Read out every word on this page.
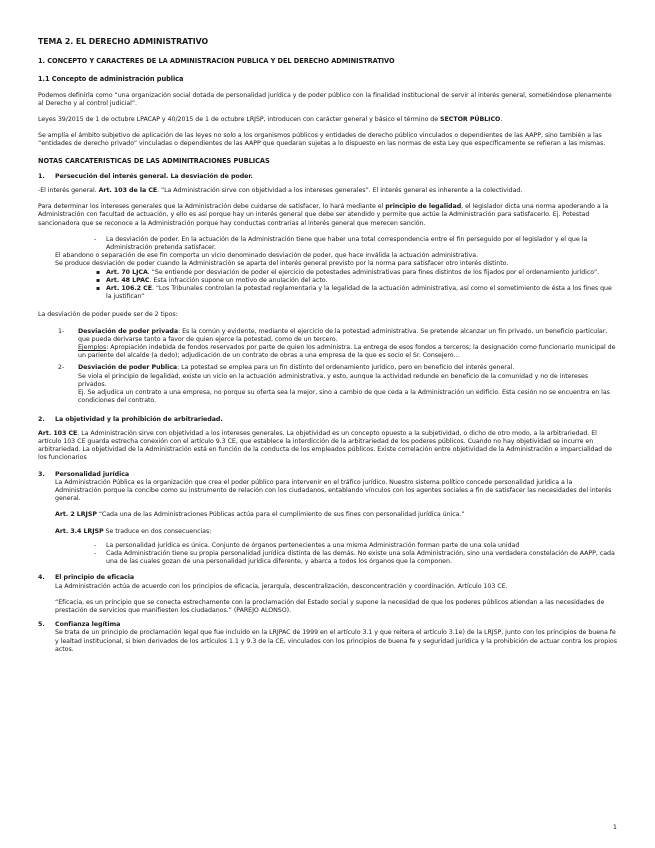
TEMA 2. EL DERECHO ADMINISTRATIVO

1. CONCEPTO Y CARACTERES DE LA ADMINISTRACION PUBLICA Y DEL DERECHO ADMINISTRATIVO

1.1 Concepto de administración publica

Podemos definirla como “una organización social dotada de personalidad jurídica y de poder público con la finalidad institucional de servir al interés general, sometiéndose plenamente al Derecho y al control judicial”.

Leyes 39/2015 de 1 de octubre LPACAP y 40/2015 de 1 de octubre LRJSP, introducen con carácter general y básico el término de SECTOR PÚBLICO.

Se amplía el ámbito subjetivo de aplicación de las leyes no solo a los organismos públicos y entidades de derecho público vinculados o dependientes de las AAPP, sino también a las “entidades de derecho privado” vinculadas o dependientes de las AAPP que quedaran sujetas a lo dispuesto en las normas de esta Ley que específicamente se refieran a las mismas.

NOTAS CARCATERISTICAS DE LAS ADMINITRACIONES PUBLICAS

1. Persecución del interés general. La desviación de poder.

-El interés general. Art. 103 de la CE. “La Administración sirve con objetividad a los intereses generales”. El interés general es inherente a la colectividad.

Para determinar los intereses generales que la Administración debe cuidarse de satisfacer, lo hará mediante el principio de legalidad, el legislador dicta una norma apoderando a la Administración con facultad de actuación, y ello es así porque hay un interés general que debe ser atendido y permite que actúe la Administración para satisfacerlo. Ej. Potestad sancionadora que se reconoce a la Administración porque hay conductas contrarias al interés general que merecen sanción.

- La desviación de poder. En la actuación de la Administración tiene que haber una total correspondencia entre el fin perseguido por el legislador y el que la Administración pretenda satisfacer.

El abandono o separación de ese fin comporta un vicio denominado desviación de poder, que hace inválida la actuación administrativa.

Se produce desviación de poder cuando la Administración se aparta del interés general previsto por la norma para satisfacer otro interés distinto.

▪ Art. 70 LJCA. “Se entiende por desviación de poder el ejercicio de potestades administrativas para fines distintos de los fijados por el ordenamiento jurídico”.

▪ Art. 48 LPAC. Esta infracción supone un motivo de anulación del acto.

▪ Art. 106.2 CE. “Los Tribunales controlan la potestad reglamentaria y la legalidad de la actuación administrativa, así como el sometimiento de ésta a los fines que la justifican”

La desviación de poder puede ser de 2 tipos:

1- Desviación de poder privada: Es la común y evidente, mediante el ejercicio de la potestad administrativa. Se pretende alcanzar un fin privado, un beneficio particular, que pueda derivarse tanto a favor de quien ejerce la potestad, como de un tercero.

Ejemplos: Apropiación indebida de fondos reservados por parte de quien los administra. La entrega de esos fondos a terceros; la designación como funcionario municipal de un pariente del alcalde (a dedo); adjudicación de un contrato de obras a una empresa de la que es socio el Sr. Consejero…

2- Desviación de poder Publica: La potestad se emplea para un fin distinto del ordenamiento jurídico, pero en beneficio del interés general.

Se viola el principio de legalidad, existe un vicio en la actuación administrativa, y esto, aunque la actividad redunde en beneficio de la comunidad y no de intereses privados.

Ej. Se adjudica un contrato a una empresa, no porque su oferta sea la mejor, sino a cambio de que ceda a la Administración un edificio. Esta cesión no se encuentra en las condiciones del contrato.

2. La objetividad y la prohibición de arbitrariedad.

Art. 103 CE. La Administración sirve con objetividad a los intereses generales. La objetividad es un concepto opuesto a la subjetividad, o dicho de otro modo, a la arbitrariedad. El artículo 103 CE guarda estrecha conexión con el artículo 9.3 CE, que establece la interdicción de la arbitrariedad de los poderes públicos. Cuando no hay objetividad se incurre en arbitrariedad. La objetividad de la Administración está en función de la conducta de los empleados públicos. Existe correlación entre objetividad de la Administración e imparcialidad de los funcionarios

3. Personalidad jurídica

La Administración Pública es la organización que crea el poder público para intervenir en el tráfico jurídico. Nuestro sistema político concede personalidad jurídica a la Administración porque la concibe como su instrumento de relación con los ciudadanos, entablando vínculos con los agentes sociales a fin de satisfacer las necesidades del interés general.

Art. 2 LRJSP “Cada una de las Administraciones Públicas actúa para el cumplimiento de sus fines con personalidad jurídica única.”

Art. 3.4 LRJSP Se traduce en dos consecuencias:

- La personalidad jurídica es única. Conjunto de órganos pertenecientes a una misma Administración forman parte de una sola unidad

- Cada Administración tiene su propia personalidad jurídica distinta de las demás. No existe una sola Administración, sino una verdadera constelación de AAPP, cada una de las cuales gozan de una personalidad jurídica diferente, y abarca a todos los órganos que la componen.

4. El principio de eficacia

La Administración actúa de acuerdo con los principios de eficacia, jerarquía, descentralización, desconcentración y coordinación. Artículo 103 CE.

“Eficacia, es un principio que se conecta estrechamente con la proclamación del Estado social y supone la necesidad de que los poderes públicos atiendan a las necesidades de prestación de servicios que manifiesten los ciudadanos.” (PAREJO ALONSO).

5. Confianza legítima

Se trata de un principio de proclamación legal que fue incluido en la LRJPAC de 1999 en el artículo 3.1 y que reitera el artículo 3.1e) de la LRJSP, junto con los principios de buena fe y lealtad institucional, si bien derivados de los artículos 1.1 y 9.3 de la CE, vinculados con los principios de buena fe y seguridad jurídica y la prohibición de actuar contra los propios actos.

1
